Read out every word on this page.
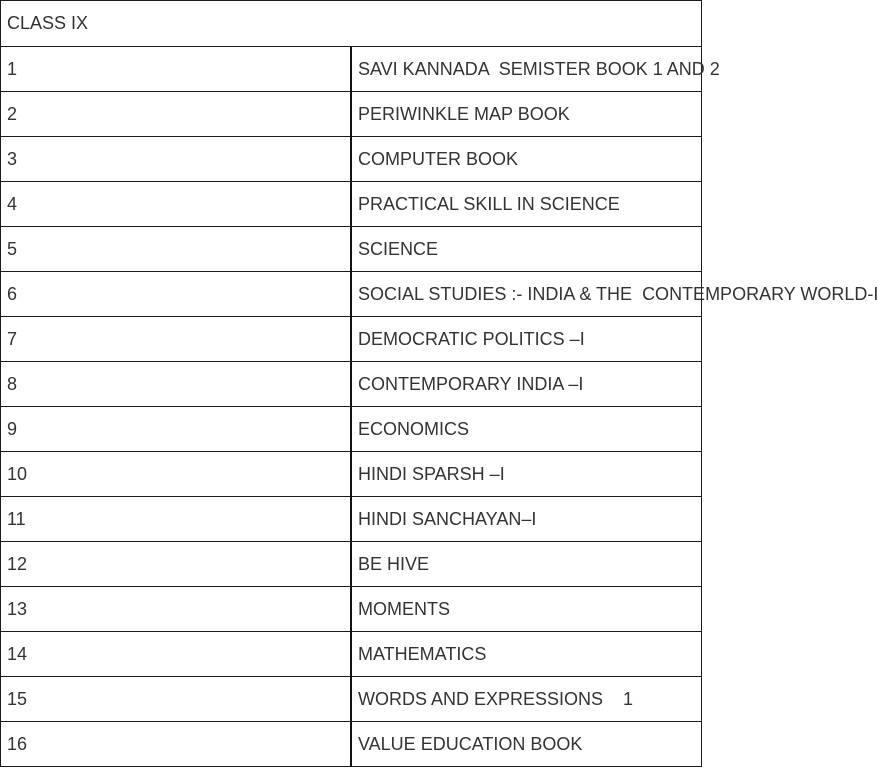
CLASS IX	
1	SAVI KANNADA  SEMISTER BOOK 1 AND 2
2	PERIWINKLE MAP BOOK
3	COMPUTER BOOK
4	PRACTICAL SKILL IN SCIENCE
5	SCIENCE
6	SOCIAL STUDIES :- INDIA & THE  CONTEMPORARY WORLD-I
7	DEMOCRATIC POLITICS –I
8	CONTEMPORARY INDIA –I
9	ECONOMICS
10	HINDI SPARSH –I
11	HINDI SANCHAYAN–I
12	BE HIVE
13	MOMENTS
14	MATHEMATICS
15	WORDS AND EXPRESSIONS    1
16	VALUE EDUCATION BOOK
